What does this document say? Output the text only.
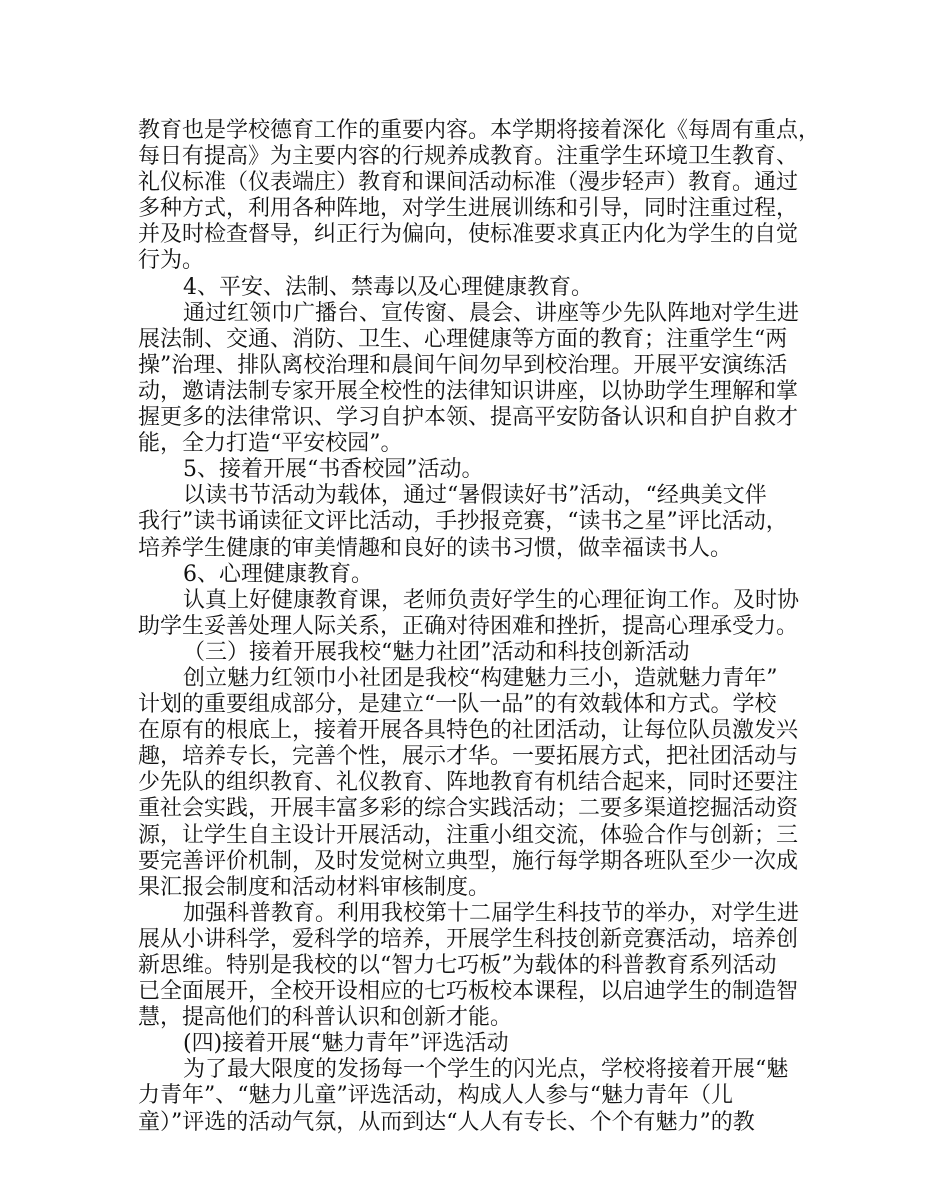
教育也是学校德育工作的重要内容。本学期将接着深化《每周有重点，
每日有提高》为主要内容的行规养成教育。注重学生环境卫生教育、
礼仪标准（仪表端庄）教育和课间活动标准（漫步轻声）教育。通过
多种方式，利用各种阵地，对学生进展训练和引导，同时注重过程，
并及时检查督导，纠正行为偏向，使标准要求真正内化为学生的自觉
行为。
4、平安、法制、禁毒以及心理健康教育。
通过红领巾广播台、宣传窗、晨会、讲座等少先队阵地对学生进
展法制、交通、消防、卫生、心理健康等方面的教育；注重学生“两
操”治理、排队离校治理和晨间午间勿早到校治理。开展平安演练活
动，邀请法制专家开展全校性的法律知识讲座，以协助学生理解和掌
握更多的法律常识、学习自护本领、提高平安防备认识和自护自救才
能，全力打造“平安校园”。
5、接着开展“书香校园”活动。
以读书节活动为载体，通过“暑假读好书”活动，“经典美文伴
我行”读书诵读征文评比活动，手抄报竞赛，“读书之星”评比活动，
培养学生健康的审美情趣和良好的读书习惯，做幸福读书人。
6、心理健康教育。
认真上好健康教育课，老师负责好学生的心理征询工作。及时协
助学生妥善处理人际关系，正确对待困难和挫折，提高心理承受力。
（三）接着开展我校“魅力社团”活动和科技创新活动
创立魅力红领巾小社团是我校“构建魅力三小，造就魅力青年”
计划的重要组成部分，是建立“一队一品”的有效载体和方式。学校
在原有的根底上，接着开展各具特色的社团活动，让每位队员激发兴
趣，培养专长，完善个性，展示才华。一要拓展方式，把社团活动与
少先队的组织教育、礼仪教育、阵地教育有机结合起来，同时还要注
重社会实践，开展丰富多彩的综合实践活动；二要多渠道挖掘活动资
源，让学生自主设计开展活动，注重小组交流，体验合作与创新；三
要完善评价机制，及时发觉树立典型，施行每学期各班队至少一次成
果汇报会制度和活动材料审核制度。
加强科普教育。利用我校第十二届学生科技节的举办，对学生进
展从小讲科学，爱科学的培养，开展学生科技创新竞赛活动，培养创
新思维。特别是我校的以“智力七巧板”为载体的科普教育系列活动
已全面展开，全校开设相应的七巧板校本课程，以启迪学生的制造智
慧，提高他们的科普认识和创新才能。
(四)接着开展“魅力青年”评选活动
为了最大限度的发扬每一个学生的闪光点，学校将接着开展“魅
力青年”、“魅力儿童”评选活动，构成人人参与“魅力青年（儿
童）”评选的活动气氛，从而到达“人人有专长、个个有魅力”的教
